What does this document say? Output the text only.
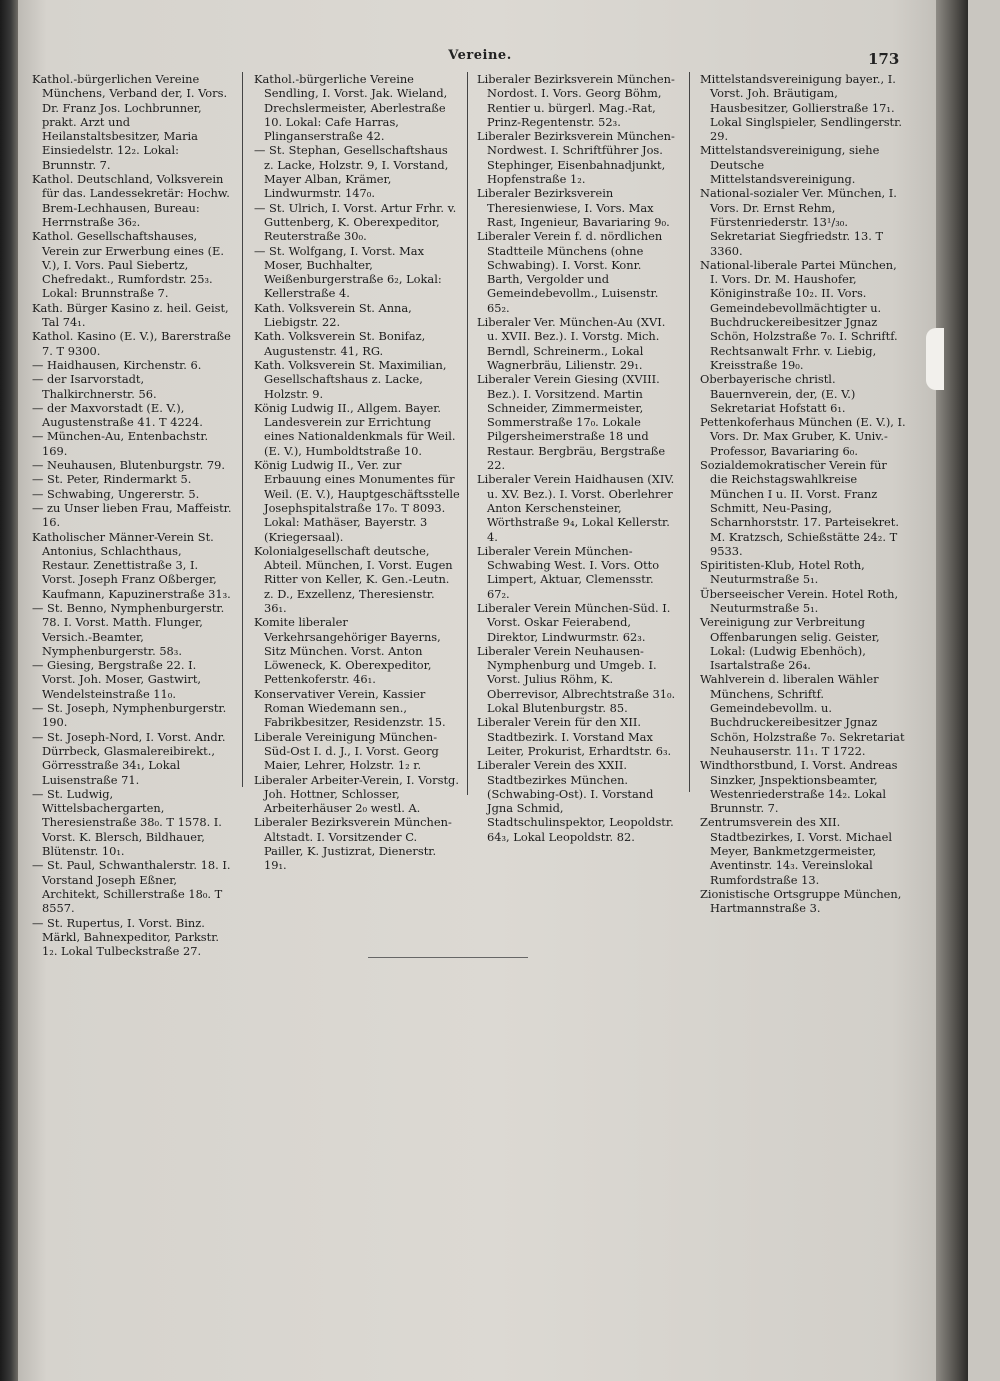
Vereine.	173
Kathol.-bürgerlichen Vereine Münchens, Verband der, I. Vors. Dr. Franz Jos. Lochbrunner, prakt. Arzt und Heilanstaltsbesitzer, Maria Einsiedelstr. 12₂. Lokal: Brunnstr. 7.
Kathol. Deutschland, Volksverein für das. Landessekretär: Hochw. Brem-Lechhausen, Bureau: Herrnstraße 36₂.
Kathol. Gesellschaftshauses, Verein zur Erwerbung eines (E. V.), I. Vors. Paul Siebertz, Chefredakt., Rumfordstr. 25₃. Lokal: Brunnstraße 7.
Kath. Bürger Kasino z. heil. Geist, Tal 74₁.
Kathol. Kasino (E. V.), Barerstraße 7. T 9300.
— Haidhausen, Kirchenstr. 6.
— der Isarvorstadt, Thalkirchnerstr. 56.
— der Maxvorstadt (E. V.), Augustenstraße 41. T 4224.
— München-Au, Entenbachstr. 169.
— Neuhausen, Blutenburgstr. 79.
— St. Peter, Rindermarkt 5.
— Schwabing, Ungererstr. 5.
— zu Unser lieben Frau, Maffeistr. 16.
Katholischer Männer-Verein St. Antonius, Schlachthaus, Restaur. Zenettistraße 3, I. Vorst. Joseph Franz Oßberger, Kaufmann, Kapuzinerstraße 31₃.
— St. Benno, Nymphenburgerstr. 78. I. Vorst. Matth. Flunger, Versich.-Beamter, Nymphenburgerstr. 58₃.
— Giesing, Bergstraße 22. I. Vorst. Joh. Moser, Gastwirt, Wendelsteinstraße 11₀.
— St. Joseph, Nymphenburgerstr. 190.
— St. Joseph-Nord, I. Vorst. Andr. Dürrbeck, Glasmalereibirekt., Görresstraße 34₁, Lokal Luisenstraße 71.
— St. Ludwig, Wittelsbachergarten, Theresienstraße 38₀. T 1578. I. Vorst. K. Blersch, Bildhauer, Blütenstr. 10₁.
— St. Paul, Schwanthalerstr. 18. I. Vorstand Joseph Eßner, Architekt, Schillerstraße 18₀. T 8557.
— St. Rupertus, I. Vorst. Binz. Märkl, Bahnexpeditor, Parkstr. 1₂. Lokal Tulbeckstraße 27.
Kathol.-bürgerliche Vereine Sendling, I. Vorst. Jak. Wieland, Drechslermeister, Aberlestraße 10. Lokal: Cafe Harras, Plinganserstraße 42.
— St. Stephan, Gesellschaftshaus z. Lacke, Holzstr. 9, I. Vorstand, Mayer Alban, Krämer, Lindwurmstr. 147₀.
— St. Ulrich, I. Vorst. Artur Frhr. v. Guttenberg, K. Oberexpeditor, Reuterstraße 30₀.
— St. Wolfgang, I. Vorst. Max Moser, Buchhalter, Weißenburgerstraße 6₂, Lokal: Kellerstraße 4.
Kath. Volksverein St. Anna, Liebigstr. 22.
Kath. Volksverein St. Bonifaz, Augustenstr. 41, RG.
Kath. Volksverein St. Maximilian, Gesellschaftshaus z. Lacke, Holzstr. 9.
König Ludwig II., Allgem. Bayer. Landesverein zur Errichtung eines Nationaldenkmals für Weil. (E. V.), Humboldtstraße 10.
König Ludwig II., Ver. zur Erbauung eines Monumentes für Weil. (E. V.), Hauptgeschäftsstelle Josephspitalstraße 17₀. T 8093. Lokal: Mathäser, Bayerstr. 3 (Kriegersaal).
Kolonialgesellschaft deutsche, Abteil. München, I. Vorst. Eugen Ritter von Keller, K. Gen.-Leutn. z. D., Exzellenz, Theresienstr. 36₁.
Komite liberaler Verkehrsangehöriger Bayerns, Sitz München. Vorst. Anton Löweneck, K. Oberexpeditor, Pettenkoferstr. 46₁.
Konservativer Verein, Kassier Roman Wiedemann sen., Fabrikbesitzer, Residenzstr. 15.
Liberale Vereinigung München-Süd-Ost I. d. J., I. Vorst. Georg Maier, Lehrer, Holzstr. 1₂ r.
Liberaler Arbeiter-Verein, I. Vorstg. Joh. Hottner, Schlosser, Arbeiterhäuser 2₀ westl. A.
Liberaler Bezirksverein München-Altstadt. I. Vorsitzender C. Pailler, K. Justizrat, Dienerstr. 19₁.
Liberaler Bezirksverein München-Nordost. I. Vors. Georg Böhm, Rentier u. bürgerl. Mag.-Rat, Prinz-Regentenstr. 52₃.
Liberaler Bezirksverein München-Nordwest. I. Schriftführer Jos. Stephinger, Eisenbahnadjunkt, Hopfenstraße 1₂.
Liberaler Bezirksverein Theresienwiese, I. Vors. Max Rast, Ingenieur, Bavariaring 9₀.
Liberaler Verein f. d. nördlichen Stadtteile Münchens (ohne Schwabing). I. Vorst. Konr. Barth, Vergolder und Gemeindebevollm., Luisenstr. 65₂.
Liberaler Ver. München-Au (XVI. u. XVII. Bez.). I. Vorstg. Mich. Berndl, Schreinerm., Lokal Wagnerbräu, Lilienstr. 29₁.
Liberaler Verein Giesing (XVIII. Bez.). I. Vorsitzend. Martin Schneider, Zimmermeister, Sommerstraße 17₀. Lokale Pilgersheimerstraße 18 und Restaur. Bergbräu, Bergstraße 22.
Liberaler Verein Haidhausen (XIV. u. XV. Bez.). I. Vorst. Oberlehrer Anton Kerschensteiner, Wörthstraße 9₄, Lokal Kellerstr. 4.
Liberaler Verein München-Schwabing West. I. Vors. Otto Limpert, Aktuar, Clemensstr. 67₂.
Liberaler Verein München-Süd. I. Vorst. Oskar Feierabend, Direktor, Lindwurmstr. 62₃.
Liberaler Verein Neuhausen-Nymphenburg und Umgeb. I. Vorst. Julius Röhm, K. Oberrevisor, Albrechtstraße 31₀. Lokal Blutenburgstr. 85.
Liberaler Verein für den XII. Stadtbezirk. I. Vorstand Max Leiter, Prokurist, Erhardtstr. 6₃.
Liberaler Verein des XXII. Stadtbezirkes München. (Schwabing-Ost). I. Vorstand Jgna Schmid, Stadtschulinspektor, Leopoldstr. 64₃, Lokal Leopoldstr. 82.
Mittelstandsvereinigung bayer., I. Vorst. Joh. Bräutigam, Hausbesitzer, Gollierstraße 17₁. Lokal Singlspieler, Sendlingerstr. 29.
Mittelstandsvereinigung, siehe Deutsche Mittelstandsvereinigung.
National-sozialer Ver. München, I. Vors. Dr. Ernst Rehm, Fürstenriederstr. 13¹/₃₀. Sekretariat Siegfriedstr. 13. T 3360.
National-liberale Partei München, I. Vors. Dr. M. Haushofer, Königinstraße 10₂. II. Vors. Gemeindebevollmächtigter u. Buchdruckereibesitzer Jgnaz Schön, Holzstraße 7₀. I. Schriftf. Rechtsanwalt Frhr. v. Liebig, Kreisstraße 19₀.
Oberbayerische christl. Bauernverein, der, (E. V.) Sekretariat Hofstatt 6₁.
Pettenkoferhaus München (E. V.), I. Vors. Dr. Max Gruber, K. Univ.-Professor, Bavariaring 6₀.
Sozialdemokratischer Verein für die Reichstagswahlkreise München I u. II. Vorst. Franz Schmitt, Neu-Pasing, Scharnhorststr. 17. Parteisekret. M. Kratzsch, Schießstätte 24₂. T 9533.
Spiritisten-Klub, Hotel Roth, Neuturmstraße 5₁.
Überseeischer Verein. Hotel Roth, Neuturmstraße 5₁.
Vereinigung zur Verbreitung Offenbarungen selig. Geister, Lokal: (Ludwig Ebenhöch), Isartalstraße 26₄.
Wahlverein d. liberalen Wähler Münchens, Schriftf. Gemeindebevollm. u. Buchdruckereibesitzer Jgnaz Schön, Holzstraße 7₀. Sekretariat Neuhauserstr. 11₁. T 1722.
Windthorstbund, I. Vorst. Andreas Sinzker, Jnspektionsbeamter, Westenriederstraße 14₂. Lokal Brunnstr. 7.
Zentrumsverein des XII. Stadtbezirkes, I. Vorst. Michael Meyer, Bankmetzgermeister, Aventinstr. 14₃. Vereinslokal Rumfordstraße 13.
Zionistische Ortsgruppe München, Hartmannstraße 3.
